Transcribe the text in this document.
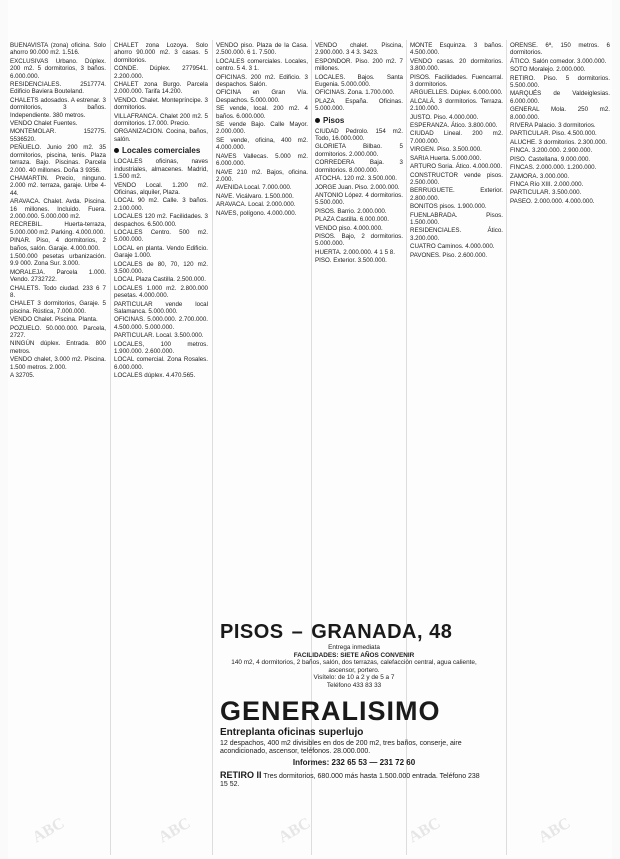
BUENAVISTA (zona) oficina. Solo ahorro 90.000 m2. 1.516.

EXCLUSIVAS Urbano. Dúplex. 200 m2. 5 dormitorios, 3 baños. 6.000.000.

RESIDENCIALES. 2517774. Edificio Baviera Bouteland.

CHALETS adosados. A estrenar. 3 dormitorios, 3 baños. Independiente. 380 metros.

VENDO Chalet Fuentes.

MONTEMOLAR. 152775. 5536520.

PEÑUELO. Junio 200 m2. 35 dormitorios, piscina, tenis. Plaza terraza. Bajo. Piscinas. Parcela 2.000. 40 millones. Doña 3 9356.

CHAMARTIN. Precio, ninguno. 2.000 m2. terraza, garaje. Urbe 4-44.

ARAVACA. Chalet. Avda. Piscina. 16 millones. Incluido. Fuera. 2.000.000. 5.000.000 m2.

RECREBIL. Huerta-terraza, 5.000.000 m2. Parking. 4.000.000.

PINAR. Piso, 4 dormitorios, 2 baños, salón. Garaje. 4.000.000.

1.500.000 pesetas urbanización. 9.9 000. Zona Sur. 3.000.

MORALEJA. Parcela 1.000. Vendo. 2732722.

CHALETS. Todo ciudad. 233 6 7 8.

CHALET 3 dormitorios, Garaje. 5 piscina. Rústica, 7.000.000.

VENDO Chalet. Piscina. Planta.

POZUELO. 50.000.000. Parcela, 2727.

NINGÚN dúplex. Entrada. 800 metros.

VENDO chalet, 3.000 m2. Piscina. 1.500 metros. 2.000.

A 32705.

CHALET zona Lozoya. Solo ahorro 90.000 m2. 3 casas. 5 dormitorios.

CONDE. Dúplex. 2779541. 2.200.000.

CHALET zona Burgo. Parcela 2.000.000. Tarifa 14.200.

VENDO. Chalet. Montepríncipe. 3 dormitorios.

VILLAFRANCA. Chalet 200 m2. 5 dormitorios. 17.000. Precio.

ORGANIZACION. Cocina, baños, salón.

Locales comerciales

LOCALES oficinas, naves industriales, almacenes. Madrid, 1.500 m2.

VENDO Local. 1.200 m2. Oficinas, alquiler, Plaza.

LOCAL 90 m2. Calle. 3 baños. 2.100.000.

LOCALES 120 m2. Facilidades. 3 despachos. 6.500.000.

LOCALES Centro. 500 m2. 5.000.000.

LOCAL en planta. Vendo Edificio. Garaje 1.000.

LOCALES de 80, 70, 120 m2. 3.500.000.

LOCAL Plaza Castilla. 2.500.000.

LOCALES 1.000 m2. 2.800.000 pesetas. 4.000.000.

PARTICULAR vende local Salamanca. 5.000.000.

OFICINAS. 5.000.000. 2.700.000. 4.500.000. 5.000.000.

PARTICULAR. Local. 3.500.000.

LOCALES, 100 metros. 1.900.000. 2.600.000.

LOCAL comercial. Zona Rosales. 6.000.000.

LOCALES dúplex. 4.470.565.

VENDO piso. Plaza de la Casa. 2.500.000. 6 1. 7.500.

LOCALES comerciales. Locales, centro. 5 4. 3 1.

OFICINAS. 200 m2. Edificio. 3 despachos. Salón.

OFICINA en Gran Vía. Despachos. 5.000.000.

SE vende, local. 200 m2. 4 baños. 6.000.000.

SE vende Bajo. Calle Mayor. 2.000.000.

SE vende, oficina, 400 m2. 4.000.000.

NAVES Vallecas. 5.000 m2. 6.000.000.

NAVE 210 m2. Bajos, oficina. 2.000.

AVENIDA Local. 7.000.000.

NAVE. Vicálvaro. 1.500.000.

ARAVACA. Local. 2.000.000.

NAVES, polígono. 4.000.000.

VENDO chalet. Piscina, 2.900.000. 3 4 3. 3423.

ESPONDOR. Piso. 200 m2. 7 millones.

LOCALES. Bajos. Santa Eugenia. 5.000.000.

OFICINAS. Zona. 1.700.000.

PLAZA España. Oficinas. 5.000.000.

Pisos

CIUDAD Pedrolo. 154 m2. Todo, 16.000.000.

GLORIETA Bilbao. 5 dormitorios. 2.000.000.

CORREDERA Baja. 3 dormitorios. 8.000.000.

ATOCHA. 120 m2. 3.500.000.

JORGE Juan. Piso. 2.000.000.

ANTONIO López. 4 dormitorios. 5.500.000.

PISOS. Barrio. 2.000.000.

PLAZA Castilla. 6.000.000.

VENDO piso. 4.000.000.

PISOS. Bajo, 2 dormitorios. 5.000.000.

HUERTA. 2.000.000. 4 1 5 8.

PISO. Exterior. 3.500.000.

MONTE Esquinza. 3 baños. 4.500.000.

VENDO casas. 20 dormitorios. 3.800.000.

PISOS. Facilidades. Fuencarral. 3 dormitorios.

ARGUELLES. Dúplex. 6.000.000.

ALCALÁ. 3 dormitorios. Terraza. 2.100.000.

JUSTO. Piso. 4.000.000.

ESPERANZA. Ático. 3.800.000.

CIUDAD Lineal. 200 m2. 7.000.000.

VIRGEN. Piso. 3.500.000.

SARIA Huerta. 5.000.000.

ARTURO Soria. Ático. 4.000.000.

CONSTRUCTOR vende pisos. 2.500.000.

BERRUGUETE. Exterior. 2.800.000.

BONITOS pisos. 1.900.000.

FUENLABRADA. Pisos. 1.500.000.

RESIDENCIALES. Ático. 3.200.000.

CUATRO Caminos. 4.000.000.

PAVONES. Piso. 2.600.000.

ORENSE. 6ª, 150 metros. 6 dormitorios.

ÁTICO. Salón comedor. 3.000.000.

SOTO Moralejo. 2.000.000.

RETIRO. Piso. 5 dormitorios. 5.500.000.

MARQUÉS de Valdeiglesias. 6.000.000.

GENERAL Mola. 250 m2. 8.000.000.

RIVERA Palacio. 3 dormitorios.

PARTICULAR. Piso. 4.500.000.

ALUCHE. 3 dormitorios. 2.300.000.

FINCA. 3.200.000. 2.900.000.

PISO. Castellana. 9.000.000.

FINCAS. 2.000.000. 1.200.000.

ZAMORA. 3.000.000.

FINCA Río XIII. 2.000.000.

PARTICULAR. 3.500.000.

PASEO. 2.000.000. 4.000.000.

PISOS – GRANADA, 48
Entrega inmediata
FACILIDADES: SIETE AÑOS CONVENIR
140 m2, 4 dormitorios, 2 baños, salón, dos terrazas, calefacción central, agua caliente, ascensor, portero.
Visítelo: de 10 a 2 y de 5 a 7
Teléfono 433 83 33
GENERALISIMO
Entreplanta oficinas superlujo
12 despachos, 400 m2 divisibles en dos de 200 m2, tres baños, conserje, aire acondicionado, ascensor, teléfonos. 28.000.000.
Informes: 232 65 53 — 231 72 60
RETIRO II Tres dormitorios, 680.000 más hasta 1.500.000 entrada. Teléfono 238 15 52.
ABC	ABC	ABC	ABC	ABC
